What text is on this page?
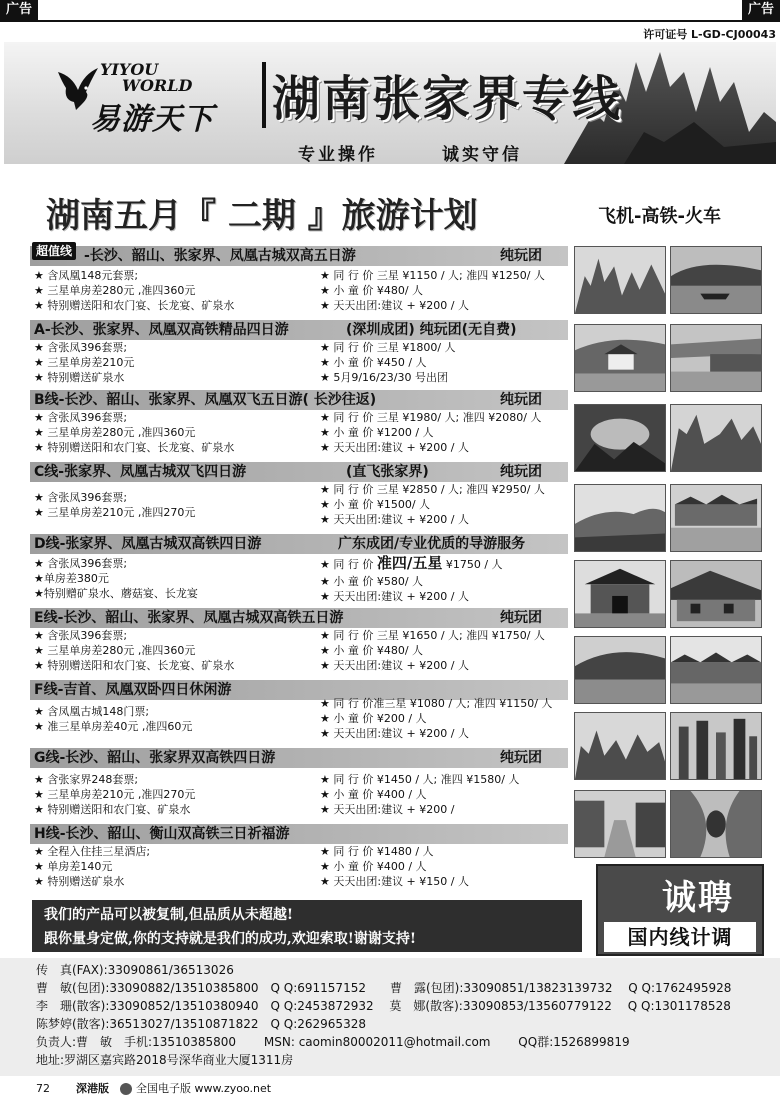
广告	广告
许可证号 L-GD-CJ00043
YIYOU
WORLD
易游天下 湖南张家界专线
专业操作	诚实守信
湖南五月『 二期 』旅游计划	飞机-高铁-火车
-长沙、韶山、张家界、凤凰古城双高五日游	纯玩团
超值线
★ 含凤凰148元套票;
★ 三星单房差280元 ,准四360元
★ 特别赠送阳和农门宴、长龙宴、矿泉水
★ 同 行 价 三星 ¥1150 / 人; 准四 ¥1250/ 人
★ 小 童 价 ¥480/ 人
★ 天天出团:建议 + ¥200 / 人
A-长沙、张家界、凤凰双高铁精品四日游	(深圳成团) 纯玩团(无自费)
★ 含张凤396套票;
★ 三星单房差210元
★ 特别赠送矿泉水
★ 同 行 价 三星 ¥1800/ 人
★ 小 童 价 ¥450 / 人
★ 5月9/16/23/30 号出团
B线-长沙、韶山、张家界、凤凰双飞五日游( 长沙往返)	纯玩团
★ 含张凤396套票;
★ 三星单房差280元 ,准四360元
★ 特别赠送阳和农门宴、长龙宴、矿泉水
★ 同 行 价 三星 ¥1980/ 人; 准四 ¥2080/ 人
★ 小 童 价 ¥1200 / 人
★ 天天出团:建议 + ¥200 / 人
C线-张家界、凤凰古城双飞四日游	(直飞张家界)	纯玩团
★ 含张凤396套票;
★ 三星单房差210元 ,准四270元
★ 同 行 价 三星 ¥2850 / 人; 准四 ¥2950/ 人
★ 小 童 价 ¥1500/ 人
★ 天天出团:建议 + ¥200 / 人
D线-张家界、凤凰古城双高铁四日游	广东成团/专业优质的导游服务
★ 含张凤396套票;
★单房差380元
★特别赠矿泉水、蘑菇宴、长龙宴
★ 同 行 价 准四/五星 ¥1750 / 人
★ 小 童 价 ¥580/ 人
★ 天天出团:建议 + ¥200 / 人
E线-长沙、韶山、张家界、凤凰古城双高铁五日游	纯玩团
★ 含张凤396套票;
★ 三星单房差280元 ,准四360元
★ 特别赠送阳和农门宴、长龙宴、矿泉水
★ 同 行 价 三星 ¥1650 / 人; 准四 ¥1750/ 人
★ 小 童 价 ¥480/ 人
★ 天天出团:建议 + ¥200 / 人
F线-吉首、凤凰双卧四日休闲游
★ 含凤凰古城148门票;
★ 准三星单房差40元 ,准四60元
★ 同 行 价准三星 ¥1080 / 人; 准四 ¥1150/ 人
★ 小 童 价 ¥200 / 人
★ 天天出团:建议 + ¥200 / 人
G线-长沙、韶山、张家界双高铁四日游	纯玩团
★ 含张家界248套票;
★ 三星单房差210元 ,准四270元
★ 特别赠送阳和农门宴、矿泉水
★ 同 行 价 ¥1450 / 人; 准四 ¥1580/ 人
★ 小 童 价 ¥400 / 人
★ 天天出团:建议 + ¥200 /
H线-长沙、韶山、衡山双高铁三日祈福游
★ 全程入住挂三星酒店;
★ 单房差140元
★ 特别赠送矿泉水
★ 同 行 价 ¥1480 / 人
★ 小 童 价 ¥400 / 人
★ 天天出团:建议 + ¥150 / 人	诚聘
国内线计调
我们的产品可以被复制,但品质从未超越!
跟你量身定做,你的支持就是我们的成功,欢迎索取!谢谢支持!
传　真(FAX):33090861/36513026
曹　敏(包团):33090882/13510385800　Q Q:691157152　　曹　露(包团):33090851/13823139732　 Q Q:1762495928
李　珊(散客):33090852/13510380940　Q Q:2453872932　 莫　娜(散客):33090853/13560779122　 Q Q:1301178528
陈梦婷(散客):36513027/13510871822　Q Q:262965328
负责人:曹　敏　手机:13510385800　　 MSN: caomin80002011@hotmail.com　　 QQ群:1526899819
地址:罗湖区嘉宾路2018号深华商业大厦1311房
72 深港版 全国电子版 www.zyoo.net
